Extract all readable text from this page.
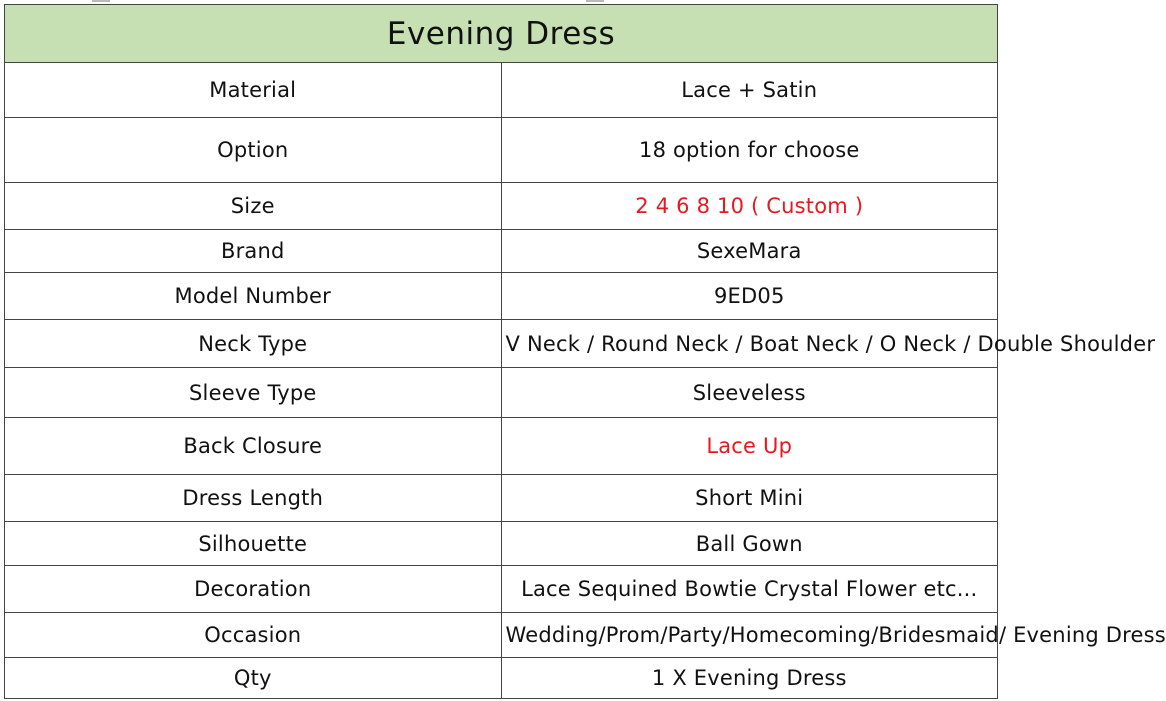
Evening Dress	
Material	Lace + Satin
Option	18 option for choose
Size	2 4 6 8 10 ( Custom )
Brand	SexeMara
Model Number	9ED05
Neck Type	V Neck / Round Neck / Boat Neck / O Neck / Double Shoulder
Sleeve Type	Sleeveless
Back Closure	Lace Up
Dress Length	Short Mini
Silhouette	Ball Gown
Decoration	Lace Sequined Bowtie Crystal Flower etc...
Occasion	Wedding/Prom/Party/Homecoming/Bridesmaid/ Evening Dress
Qty	1 X Evening Dress
